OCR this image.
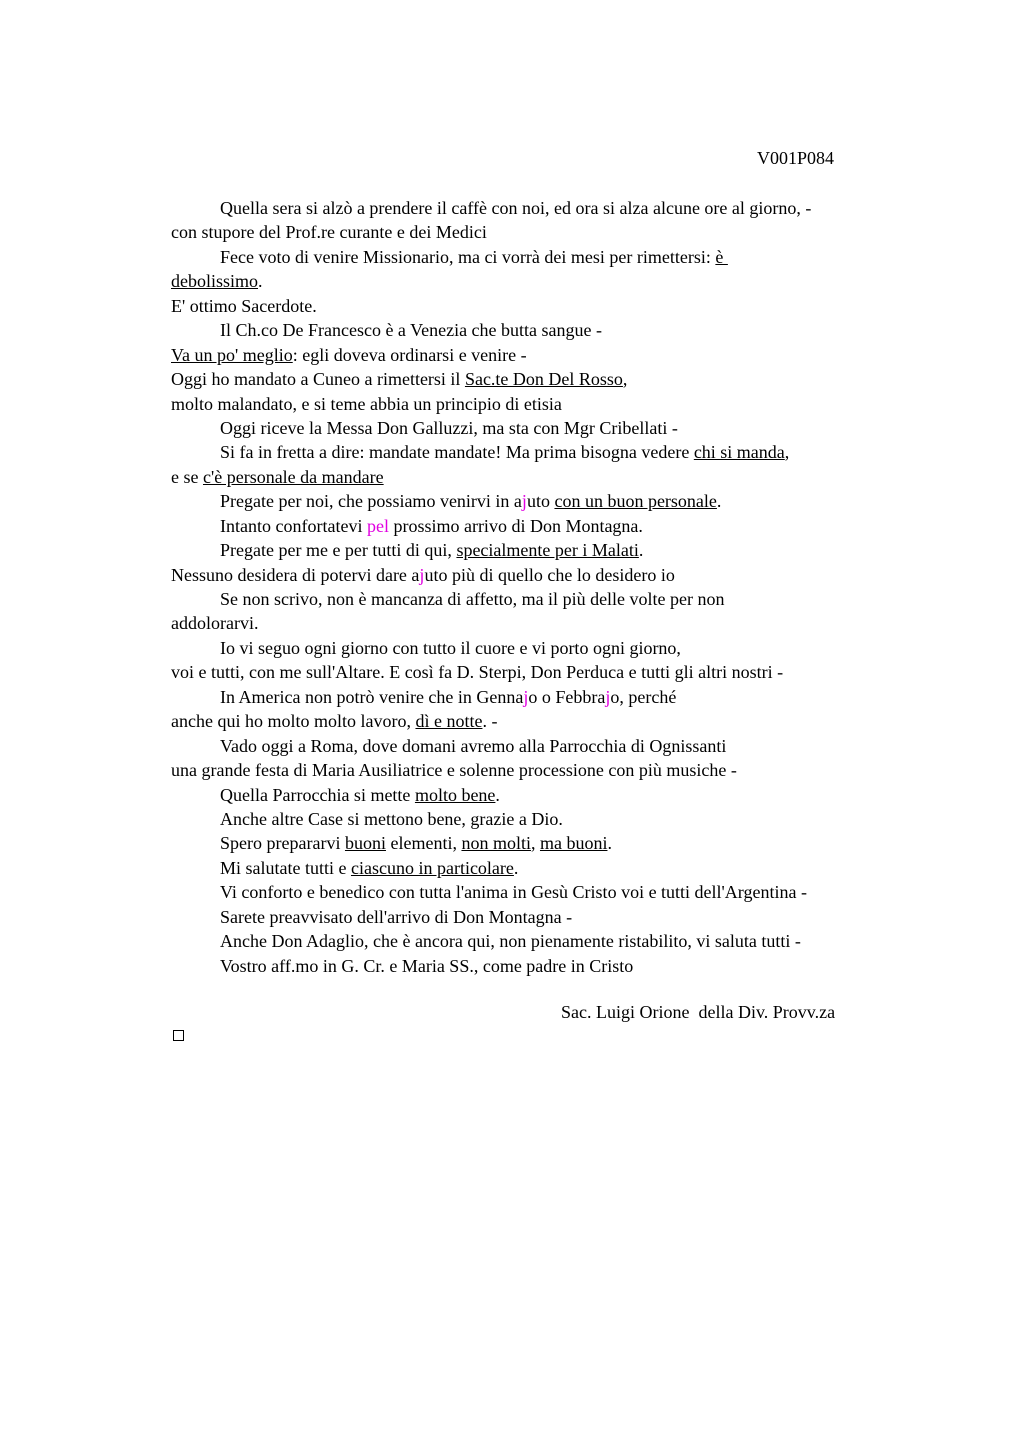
V001P084
Quella sera si alzò a prendere il caffè con noi, ed ora si alza alcune ore al giorno, -
con stupore del Prof.re curante e dei Medici
Fece voto di venire Missionario, ma ci vorrà dei mesi per rimettersi: è
debolissimo.
E' ottimo Sacerdote.
Il Ch.co De Francesco è a Venezia che butta sangue -
Va un po' meglio: egli doveva ordinarsi e venire -
Oggi ho mandato a Cuneo a rimettersi il Sac.te Don Del Rosso,
molto malandato, e si teme abbia un principio di etisia
Oggi riceve la Messa Don Galluzzi, ma sta con Mgr Cribellati -
Si fa in fretta a dire: mandate mandate! Ma prima bisogna vedere chi si manda,
e se c'è personale da mandare
Pregate per noi, che possiamo venirvi in ajuto con un buon personale.
Intanto confortatevi pel prossimo arrivo di Don Montagna.
Pregate per me e per tutti di qui, specialmente per i Malati.
Nessuno desidera di potervi dare ajuto più di quello che lo desidero io
Se non scrivo, non è mancanza di affetto, ma il più delle volte per non
addolorarvi.
Io vi seguo ogni giorno con tutto il cuore e vi porto ogni giorno,
voi e tutti, con me sull'Altare. E così fa D. Sterpi, Don Perduca e tutti gli altri nostri -
In America non potrò venire che in Gennajo o Febbrajo, perché
anche qui ho molto molto lavoro, dì e notte. -
Vado oggi a Roma, dove domani avremo alla Parrocchia di Ognissanti
una grande festa di Maria Ausiliatrice e solenne processione con più musiche -
Quella Parrocchia si mette molto bene.
Anche altre Case si mettono bene, grazie a Dio.
Spero prepararvi buoni elementi, non molti, ma buoni.
Mi salutate tutti e ciascuno in particolare.
Vi conforto e benedico con tutta l'anima in Gesù Cristo voi e tutti dell'Argentina -
Sarete preavvisato dell'arrivo di Don Montagna -
Anche Don Adaglio, che è ancora qui, non pienamente ristabilito, vi saluta tutti -
Vostro aff.mo in G. Cr. e Maria SS., come padre in Cristo
Sac. Luigi Orione  della Div. Provv.za
